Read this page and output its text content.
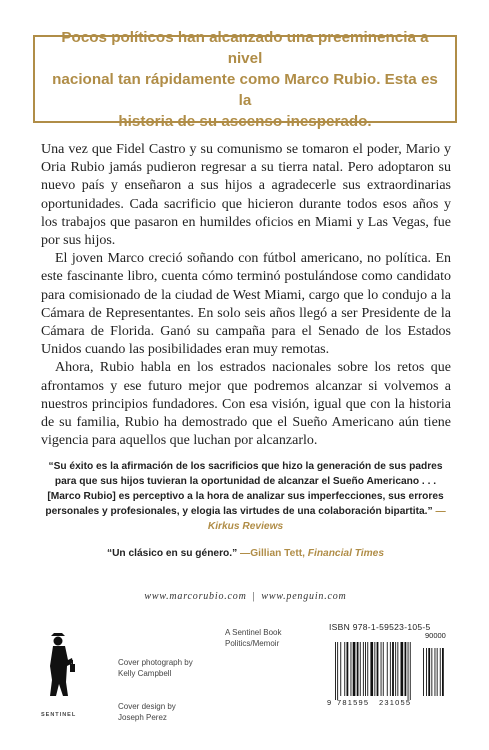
Pocos políticos han alcanzado una preeminencia a nivel
nacional tan rápidamente como Marco Rubio. Esta es la
historia de su ascenso inesperado.

Una vez que Fidel Castro y su comunismo se tomaron el poder, Mario y Oria Rubio jamás pudieron regresar a su tierra natal. Pero adoptaron su nuevo país y enseñaron a sus hijos a agradecerle sus extraordinarias oportunidades. Cada sacrificio que hicieron durante todos esos años y los trabajos que pasaron en humildes oficios en Miami y Las Vegas, fue por sus hijos.

El joven Marco creció soñando con fútbol americano, no política. En este fascinante libro, cuenta cómo terminó postulándose como candidato para comisionado de la ciudad de West Miami, cargo que lo condujo a la Cámara de Representantes. En solo seis años llegó a ser Presidente de la Cámara de Florida. Ganó su campaña para el Senado de los Estados Unidos cuando las posibilidades eran muy remotas.

Ahora, Rubio habla en los estrados nacionales sobre los retos que afrontamos y ese futuro mejor que podremos alcanzar si volvemos a nuestros principios fundadores. Con esa visión, igual que con la historia de su familia, Rubio ha demostrado que el Sueño Americano aún tiene vigencia para aquellos que luchan por alcanzarlo.

“Su éxito es la afirmación de los sacrificios que hizo la generación de sus padres para que sus hijos tuvieran la oportunidad de alcanzar el Sueño Americano . . . [Marco Rubio] es perceptivo a la hora de analizar sus imperfecciones, sus errores personales y profesionales, y elogia las virtudes de una colaboración bipartita.” —Kirkus Reviews
“Un clásico en su género.” —Gillian Tett, Financial Times
www.marcorubio.com | www.penguin.com
SENTINEL
Cover photograph by
Kelly Campbell
Cover design by
Joseph Perez
A Sentinel Book
Politics/Memoir
ISBN 978-1-59523-105-5
9 781595 231055
90000
